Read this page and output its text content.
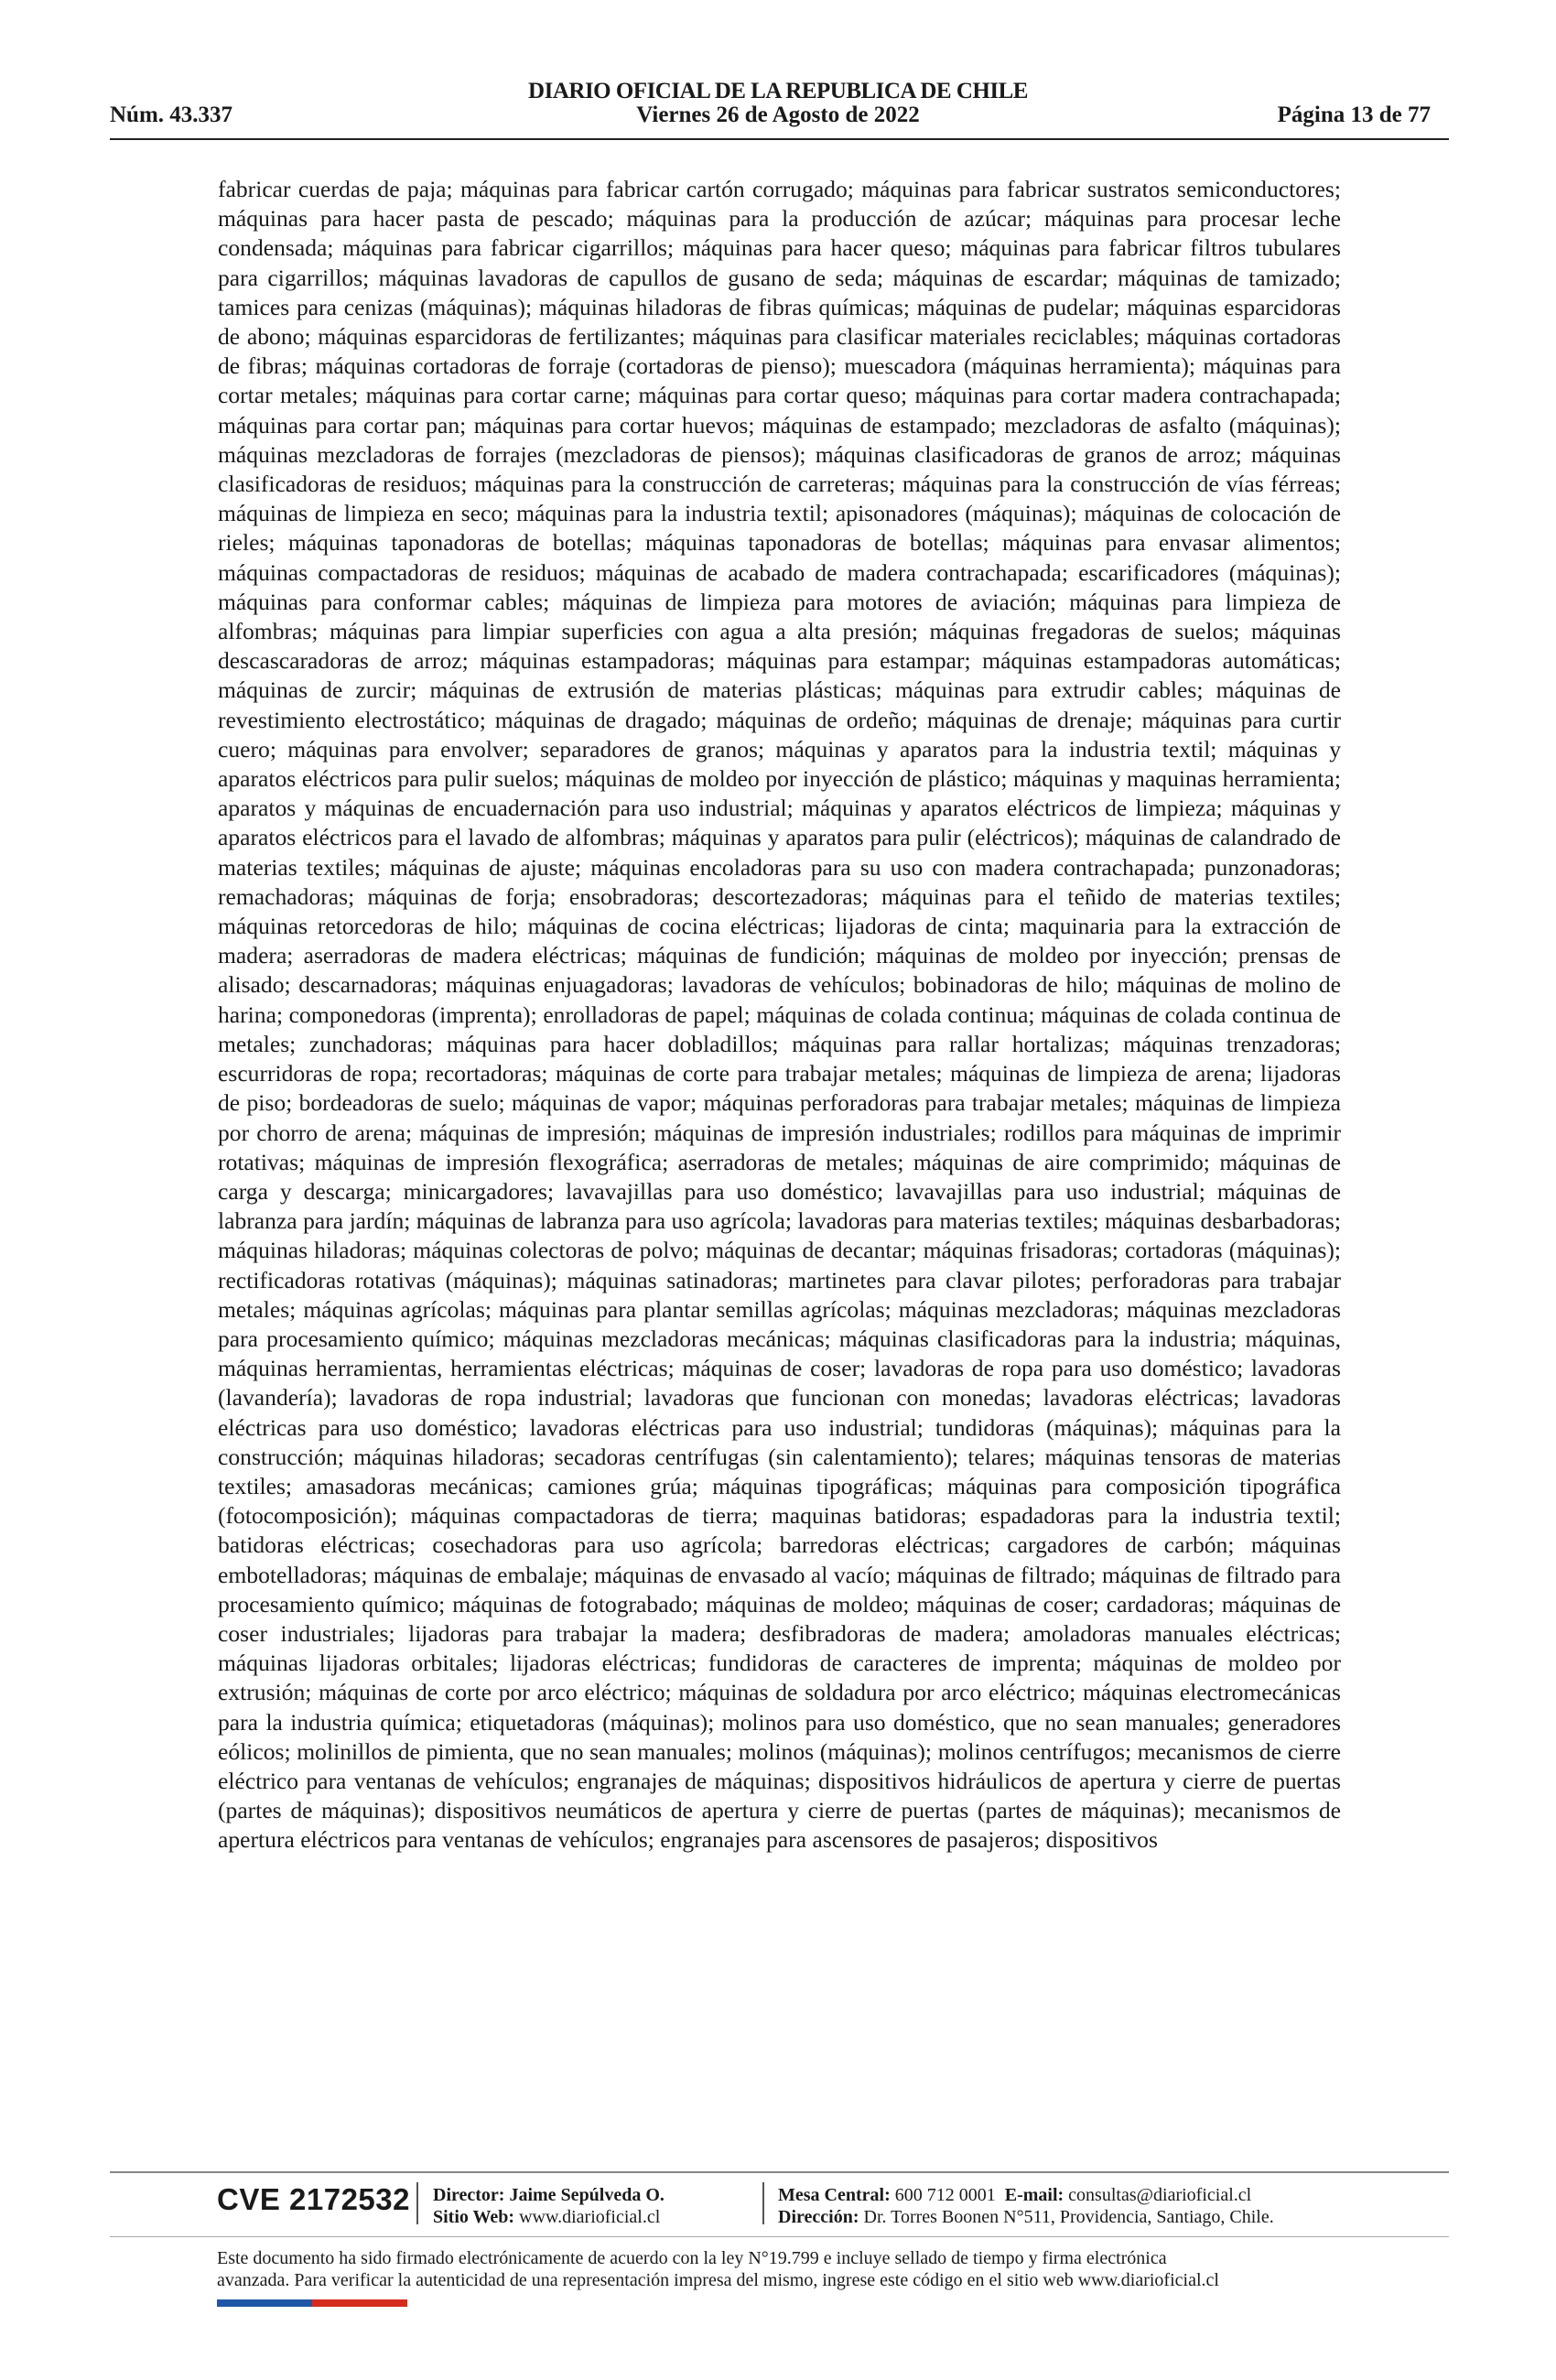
DIARIO OFICIAL DE LA REPUBLICA DE CHILE
Núm. 43.337	Viernes 26 de Agosto de 2022	Página 13 de 77
fabricar cuerdas de paja; máquinas para fabricar cartón corrugado; máquinas para fabricar sustratos semiconductores; máquinas para hacer pasta de pescado; máquinas para la producción de azúcar; máquinas para procesar leche condensada; máquinas para fabricar cigarrillos; máquinas para hacer queso; máquinas para fabricar filtros tubulares para cigarrillos; máquinas lavadoras de capullos de gusano de seda; máquinas de escardar; máquinas de tamizado; tamices para cenizas (máquinas); máquinas hiladoras de fibras químicas; máquinas de pudelar; máquinas esparcidoras de abono; máquinas esparcidoras de fertilizantes; máquinas para clasificar materiales reciclables; máquinas cortadoras de fibras; máquinas cortadoras de forraje (cortadoras de pienso); muescadora (máquinas herramienta); máquinas para cortar metales; máquinas para cortar carne; máquinas para cortar queso; máquinas para cortar madera contrachapada; máquinas para cortar pan; máquinas para cortar huevos; máquinas de estampado; mezcladoras de asfalto (máquinas); máquinas mezcladoras de forrajes (mezcladoras de piensos); máquinas clasificadoras de granos de arroz; máquinas clasificadoras de residuos; máquinas para la construcción de carreteras; máquinas para la construcción de vías férreas; máquinas de limpieza en seco; máquinas para la industria textil; apisonadores (máquinas); máquinas de colocación de rieles; máquinas taponadoras de botellas; máquinas taponadoras de botellas; máquinas para envasar alimentos; máquinas compactadoras de residuos; máquinas de acabado de madera contrachapada; escarificadores (máquinas); máquinas para conformar cables; máquinas de limpieza para motores de aviación; máquinas para limpieza de alfombras; máquinas para limpiar superficies con agua a alta presión; máquinas fregadoras de suelos; máquinas descascaradoras de arroz; máquinas estampadoras; máquinas para estampar; máquinas estampadoras automáticas; máquinas de zurcir; máquinas de extrusión de materias plásticas; máquinas para extrudir cables; máquinas de revestimiento electrostático; máquinas de dragado; máquinas de ordeño; máquinas de drenaje; máquinas para curtir cuero; máquinas para envolver; separadores de granos; máquinas y aparatos para la industria textil; máquinas y aparatos eléctricos para pulir suelos; máquinas de moldeo por inyección de plástico; máquinas y maquinas herramienta; aparatos y máquinas de encuadernación para uso industrial; máquinas y aparatos eléctricos de limpieza; máquinas y aparatos eléctricos para el lavado de alfombras; máquinas y aparatos para pulir (eléctricos); máquinas de calandrado de materias textiles; máquinas de ajuste; máquinas encoladoras para su uso con madera contrachapada; punzonadoras; remachadoras; máquinas de forja; ensobradoras; descortezadoras; máquinas para el teñido de materias textiles; máquinas retorcedoras de hilo; máquinas de cocina eléctricas; lijadoras de cinta; maquinaria para la extracción de madera; aserradoras de madera eléctricas; máquinas de fundición; máquinas de moldeo por inyección; prensas de alisado; descarnadoras; máquinas enjuagadoras; lavadoras de vehículos; bobinadoras de hilo; máquinas de molino de harina; componedoras (imprenta); enrolladoras de papel; máquinas de colada continua; máquinas de colada continua de metales; zunchadoras; máquinas para hacer dobladillos; máquinas para rallar hortalizas; máquinas trenzadoras; escurridoras de ropa; recortadoras; máquinas de corte para trabajar metales; máquinas de limpieza de arena; lijadoras de piso; bordeadoras de suelo; máquinas de vapor; máquinas perforadoras para trabajar metales; máquinas de limpieza por chorro de arena; máquinas de impresión; máquinas de impresión industriales; rodillos para máquinas de imprimir rotativas; máquinas de impresión flexográfica; aserradoras de metales; máquinas de aire comprimido; máquinas de carga y descarga; minicargadores; lavavajillas para uso doméstico; lavavajillas para uso industrial; máquinas de labranza para jardín; máquinas de labranza para uso agrícola; lavadoras para materias textiles; máquinas desbarbadoras; máquinas hiladoras; máquinas colectoras de polvo; máquinas de decantar; máquinas frisadoras; cortadoras (máquinas); rectificadoras rotativas (máquinas); máquinas satinadoras; martinetes para clavar pilotes; perforadoras para trabajar metales; máquinas agrícolas; máquinas para plantar semillas agrícolas; máquinas mezcladoras; máquinas mezcladoras para procesamiento químico; máquinas mezcladoras mecánicas; máquinas clasificadoras para la industria; máquinas, máquinas herramientas, herramientas eléctricas; máquinas de coser; lavadoras de ropa para uso doméstico; lavadoras (lavandería); lavadoras de ropa industrial; lavadoras que funcionan con monedas; lavadoras eléctricas; lavadoras eléctricas para uso doméstico; lavadoras eléctricas para uso industrial; tundidoras (máquinas); máquinas para la construcción; máquinas hiladoras; secadoras centrífugas (sin calentamiento); telares; máquinas tensoras de materias textiles; amasadoras mecánicas; camiones grúa; máquinas tipográficas; máquinas para composición tipográfica (fotocomposición); máquinas compactadoras de tierra; maquinas batidoras; espadadoras para la industria textil; batidoras eléctricas; cosechadoras para uso agrícola; barredoras eléctricas; cargadores de carbón; máquinas embotelladoras; máquinas de embalaje; máquinas de envasado al vacío; máquinas de filtrado; máquinas de filtrado para procesamiento químico; máquinas de fotograbado; máquinas de moldeo; máquinas de coser; cardadoras; máquinas de coser industriales; lijadoras para trabajar la madera; desfibradoras de madera; amoladoras manuales eléctricas; máquinas lijadoras orbitales; lijadoras eléctricas; fundidoras de caracteres de imprenta; máquinas de moldeo por extrusión; máquinas de corte por arco eléctrico; máquinas de soldadura por arco eléctrico; máquinas electromecánicas para la industria química; etiquetadoras (máquinas); molinos para uso doméstico, que no sean manuales; generadores eólicos; molinillos de pimienta, que no sean manuales; molinos (máquinas); molinos centrífugos; mecanismos de cierre eléctrico para ventanas de vehículos; engranajes de máquinas; dispositivos hidráulicos de apertura y cierre de puertas (partes de máquinas); dispositivos neumáticos de apertura y cierre de puertas (partes de máquinas); mecanismos de apertura eléctricos para ventanas de vehículos; engranajes para ascensores de pasajeros; dispositivos
CVE 2172532 Director: Jaime Sepúlveda O.
Sitio Web: www.diarioficial.cl
Mesa Central: 600 712 0001 E-mail: consultas@diarioficial.cl
Dirección: Dr. Torres Boonen N°511, Providencia, Santiago, Chile.
Este documento ha sido firmado electrónicamente de acuerdo con la ley N°19.799 e incluye sellado de tiempo y firma electrónica
avanzada. Para verificar la autenticidad de una representación impresa del mismo, ingrese este código en el sitio web www.diarioficial.cl
